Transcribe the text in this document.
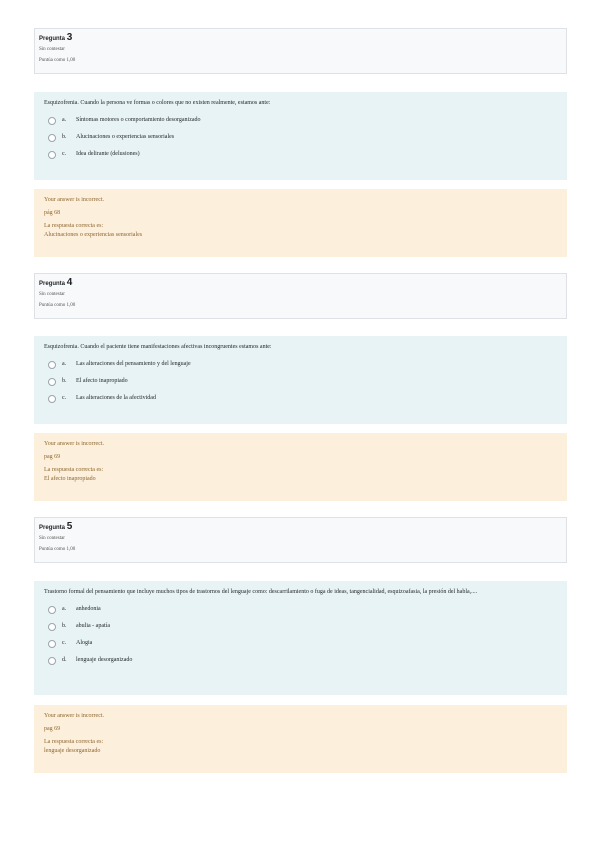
Pregunta 3
Sin contestar
Puntúa como 1,00
Esquizofrenia. Cuando la persona ve formas o colores que no existen realmente, estamos ante:
a.	Síntomas motores o comportamiento desorganizado
b.	Alucinaciones o experiencias sensoriales
c.	Idea delirante (delusiones)
Your answer is incorrect.
pág 68
La respuesta correcta es:
Alucinaciones o experiencias sensoriales
Pregunta 4
Sin contestar
Puntúa como 1,00
Esquizofrenia. Cuando el paciente tiene manifestaciones afectivas incongruentes estamos ante:
a.	Las alteraciones del pensamiento y del lenguaje
b.	El afecto inapropiado
c.	Las alteraciones de la afectividad
Your answer is incorrect.
pag 69
La respuesta correcta es:
El afecto inapropiado
Pregunta 5
Sin contestar
Puntúa como 1,00
Trastorno formal del pensamiento que incluye muchos tipos de trastornos del lenguaje como: descarrilamiento o fuga de ideas, tangencialidad, esquizoafasia, la presión del habla,....
a.	anhedonia
b.	abulia - apatía
c.	Alogia
d.	lenguaje desorganizado
Your answer is incorrect.
pag 69
La respuesta correcta es:
lenguaje desorganizado
